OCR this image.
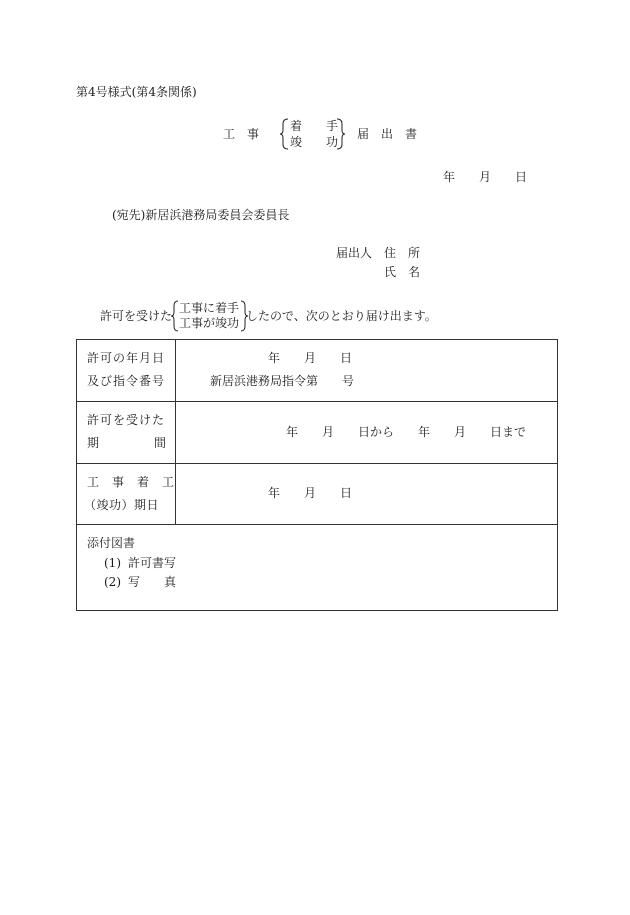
第4号様式(第4条関係)
工　事
着　　手
竣　　功
届　出　書
年　　月　　日
(宛先)新居浜港務局委員会委員長
届出人 住　所
氏　名
許可を受けた
工事に着手
工事が竣功 したので、次のとおり届け出ます。
許可の年月日
及び指令番号
年　　月　　日
新居浜港務局指令第　　号
許可を受けた
期	間
年　　月　　日から　　年　　月　　日まで
工　事　着　工
（竣功）期日
年　　月　　日
添付図書
(1) 許可書写
(2) 写　　真
